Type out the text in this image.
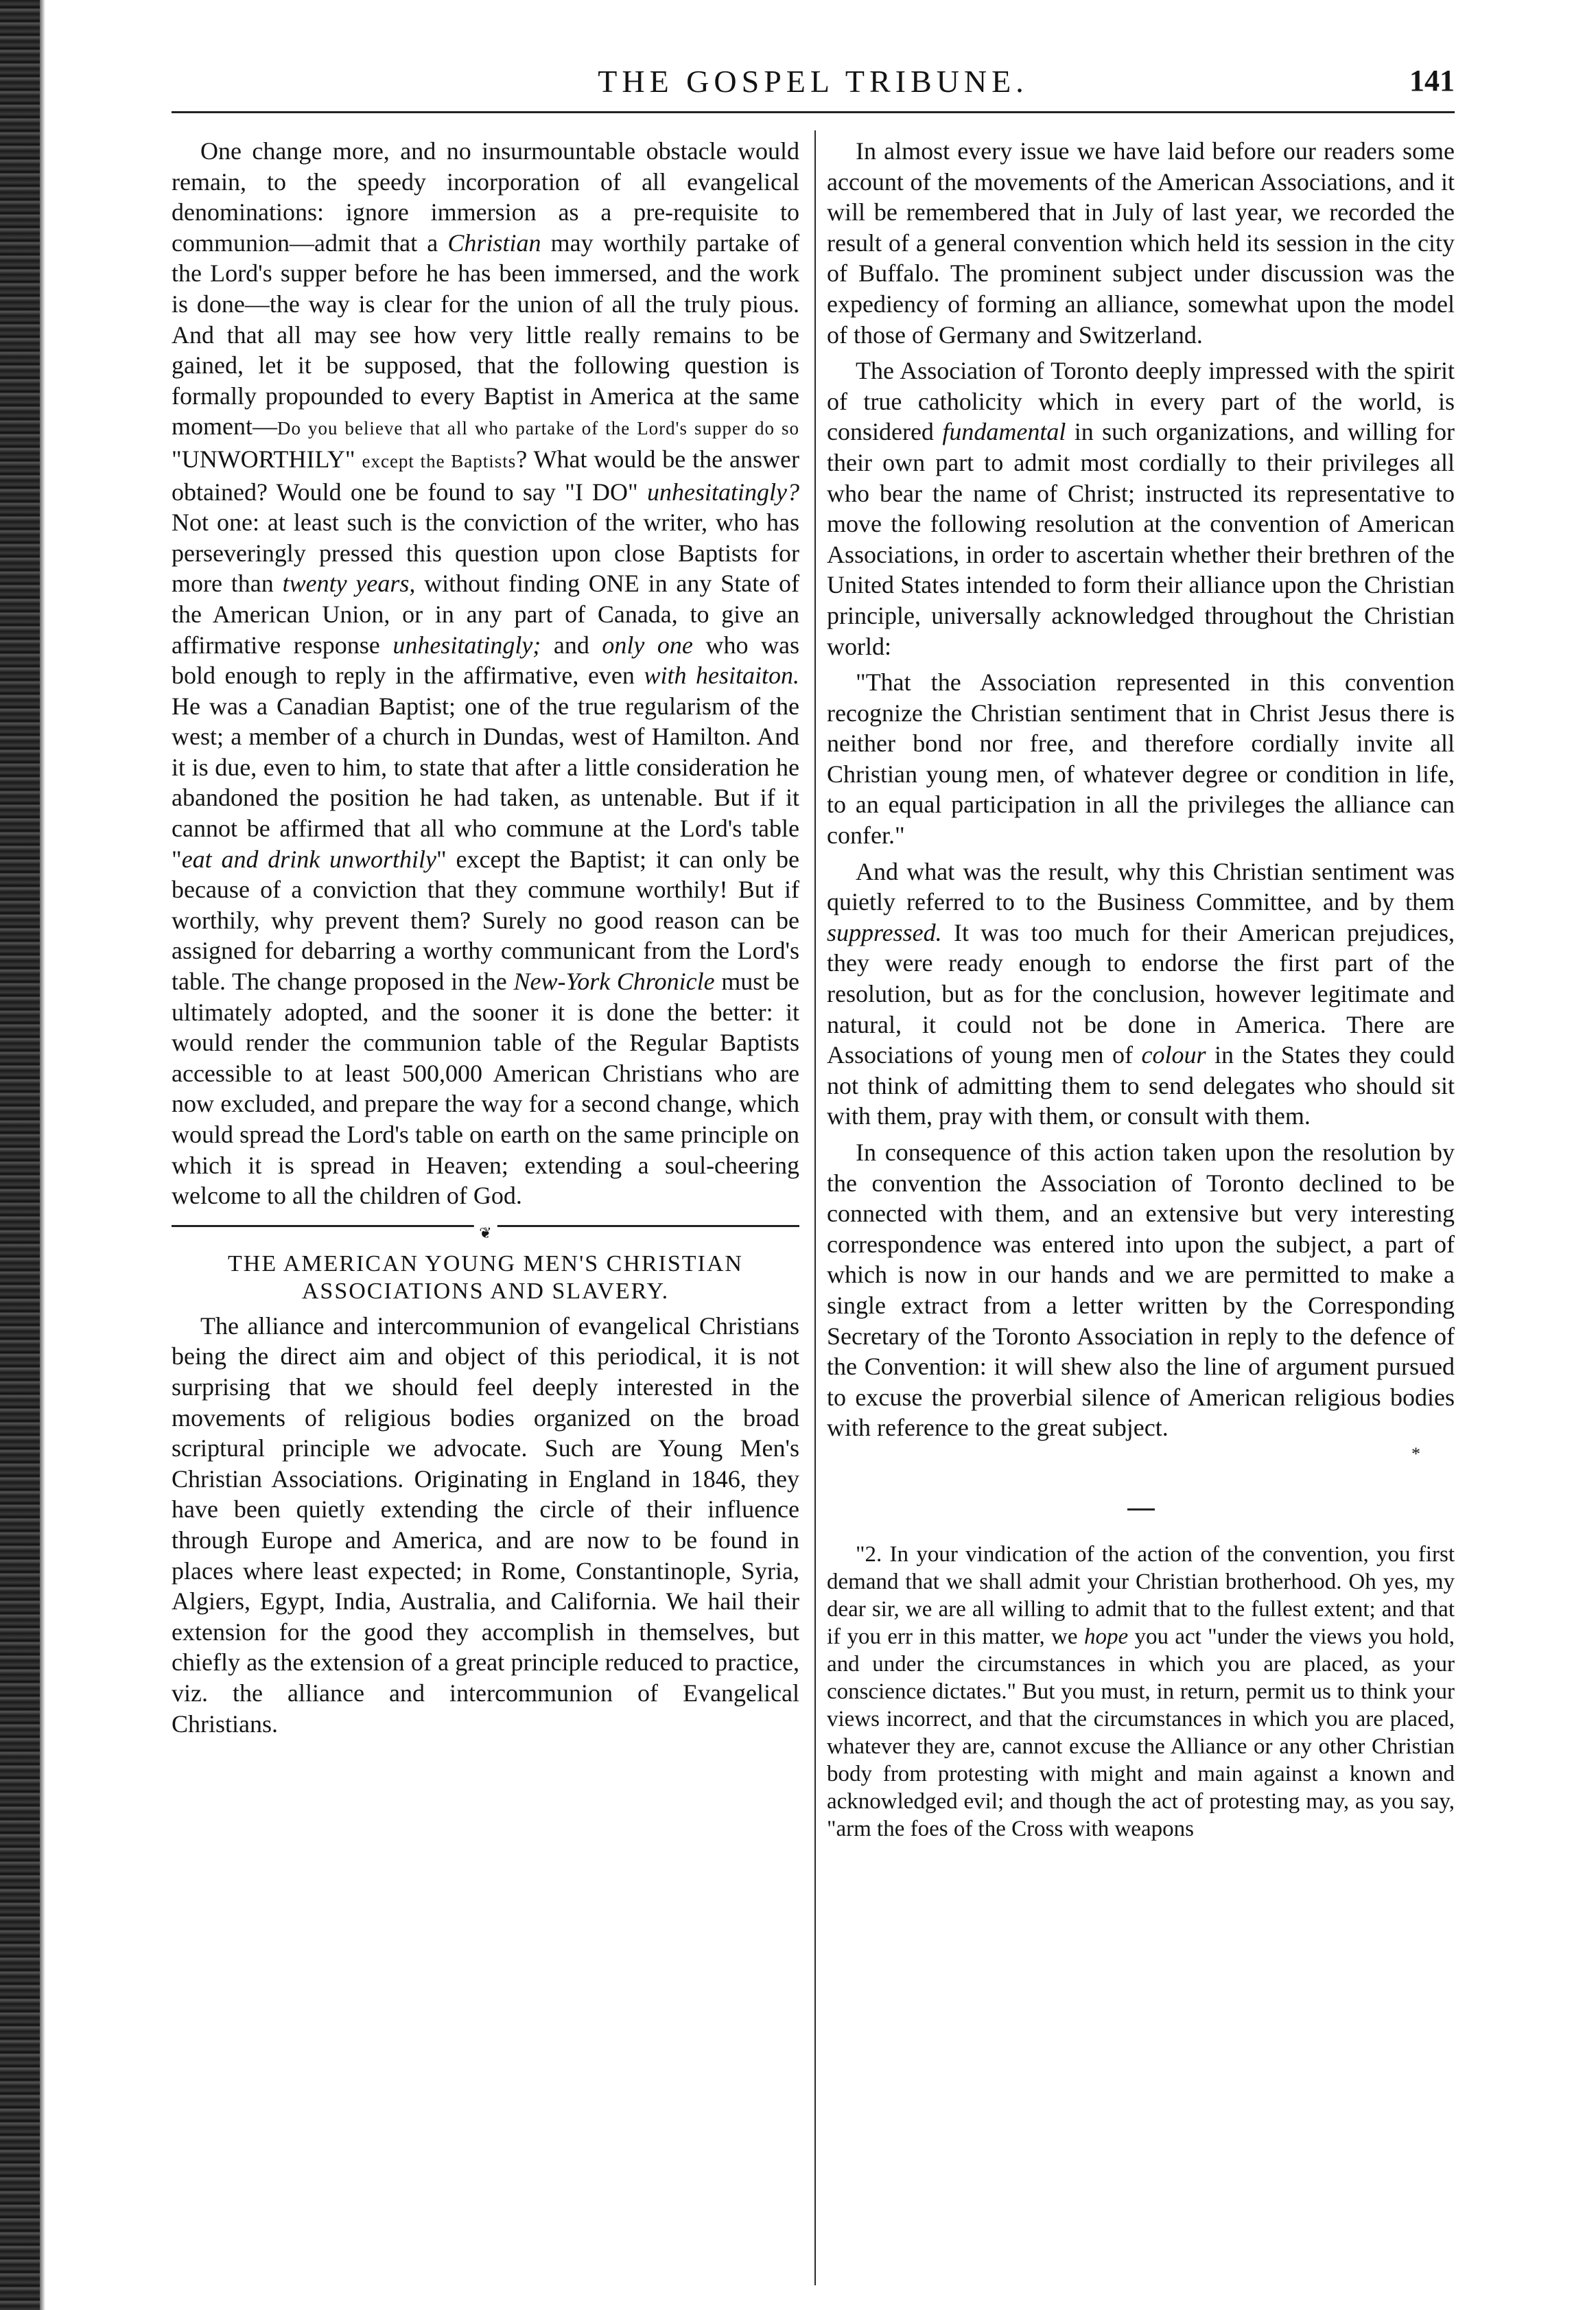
THE GOSPEL TRIBUNE.	141

One change more, and no insurmountable obstacle would remain, to the speedy incorporation of all evangelical denominations: ignore immersion as a pre-requisite to communion—admit that a Christian may worthily partake of the Lord's supper before he has been immersed, and the work is done—the way is clear for the union of all the truly pious. And that all may see how very little really remains to be gained, let it be supposed, that the following question is formally propounded to every Baptist in America at the same moment—Do you believe that all who partake of the Lord's supper do so "UNWORTHILY" except the Baptists? What would be the answer obtained? Would one be found to say "I DO" unhesitatingly? Not one: at least such is the conviction of the writer, who has perseveringly pressed this question upon close Baptists for more than twenty years, without finding ONE in any State of the American Union, or in any part of Canada, to give an affirmative response unhesitatingly; and only one who was bold enough to reply in the affirmative, even with hesitaiton. He was a Canadian Baptist; one of the true regularism of the west; a member of a church in Dundas, west of Hamilton. And it is due, even to him, to state that after a little consideration he abandoned the position he had taken, as untenable. But if it cannot be affirmed that all who commune at the Lord's table "eat and drink unworthily" except the Baptist; it can only be because of a conviction that they commune worthily! But if worthily, why prevent them? Surely no good reason can be assigned for debarring a worthy communicant from the Lord's table. The change proposed in the New-York Chronicle must be ultimately adopted, and the sooner it is done the better: it would render the communion table of the Regular Baptists accessible to at least 500,000 American Christians who are now excluded, and prepare the way for a second change, which would spread the Lord's table on earth on the same principle on which it is spread in Heaven; extending a soul-cheering welcome to all the children of God.

❦
THE AMERICAN YOUNG MEN'S CHRISTIAN ASSOCIATIONS AND SLAVERY.

The alliance and intercommunion of evangelical Christians being the direct aim and object of this periodical, it is not surprising that we should feel deeply interested in the movements of religious bodies organized on the broad scriptural principle we advocate. Such are Young Men's Christian Associations. Originating in England in 1846, they have been quietly extending the circle of their influence through Europe and America, and are now to be found in places where least expected; in Rome, Constantinople, Syria, Algiers, Egypt, India, Australia, and California. We hail their extension for the good they accomplish in themselves, but chiefly as the extension of a great principle reduced to practice, viz. the alliance and intercommunion of Evangelical Christians.

In almost every issue we have laid before our readers some account of the movements of the American Associations, and it will be remembered that in July of last year, we recorded the result of a general convention which held its session in the city of Buffalo. The prominent subject under discussion was the expediency of forming an alliance, somewhat upon the model of those of Germany and Switzerland.

The Association of Toronto deeply impressed with the spirit of true catholicity which in every part of the world, is considered fundamental in such organizations, and willing for their own part to admit most cordially to their privileges all who bear the name of Christ; instructed its representative to move the following resolution at the convention of American Associations, in order to ascertain whether their brethren of the United States intended to form their alliance upon the Christian principle, universally acknowledged throughout the Christian world:

"That the Association represented in this convention recognize the Christian sentiment that in Christ Jesus there is neither bond nor free, and therefore cordially invite all Christian young men, of whatever degree or condition in life, to an equal participation in all the privileges the alliance can confer."

And what was the result, why this Christian sentiment was quietly referred to to the Business Committee, and by them suppressed. It was too much for their American prejudices, they were ready enough to endorse the first part of the resolution, but as for the conclusion, however legitimate and natural, it could not be done in America. There are Associations of young men of colour in the States they could not think of admitting them to send delegates who should sit with them, pray with them, or consult with them.

In consequence of this action taken upon the resolution by the convention the Association of Toronto declined to be connected with them, and an extensive but very interesting correspondence was entered into upon the subject, a part of which is now in our hands and we are permitted to make a single extract from a letter written by the Corresponding Secretary of the Toronto Association in reply to the defence of the Convention: it will shew also the line of argument pursued to excuse the proverbial silence of American religious bodies with reference to the great subject.

*

"2. In your vindication of the action of the convention, you first demand that we shall admit your Christian brotherhood. Oh yes, my dear sir, we are all willing to admit that to the fullest extent; and that if you err in this matter, we hope you act "under the views you hold, and under the circumstances in which you are placed, as your conscience dictates." But you must, in return, permit us to think your views incorrect, and that the circumstances in which you are placed, whatever they are, cannot excuse the Alliance or any other Christian body from protesting with might and main against a known and acknowledged evil; and though the act of protesting may, as you say, "arm the foes of the Cross with weapons
